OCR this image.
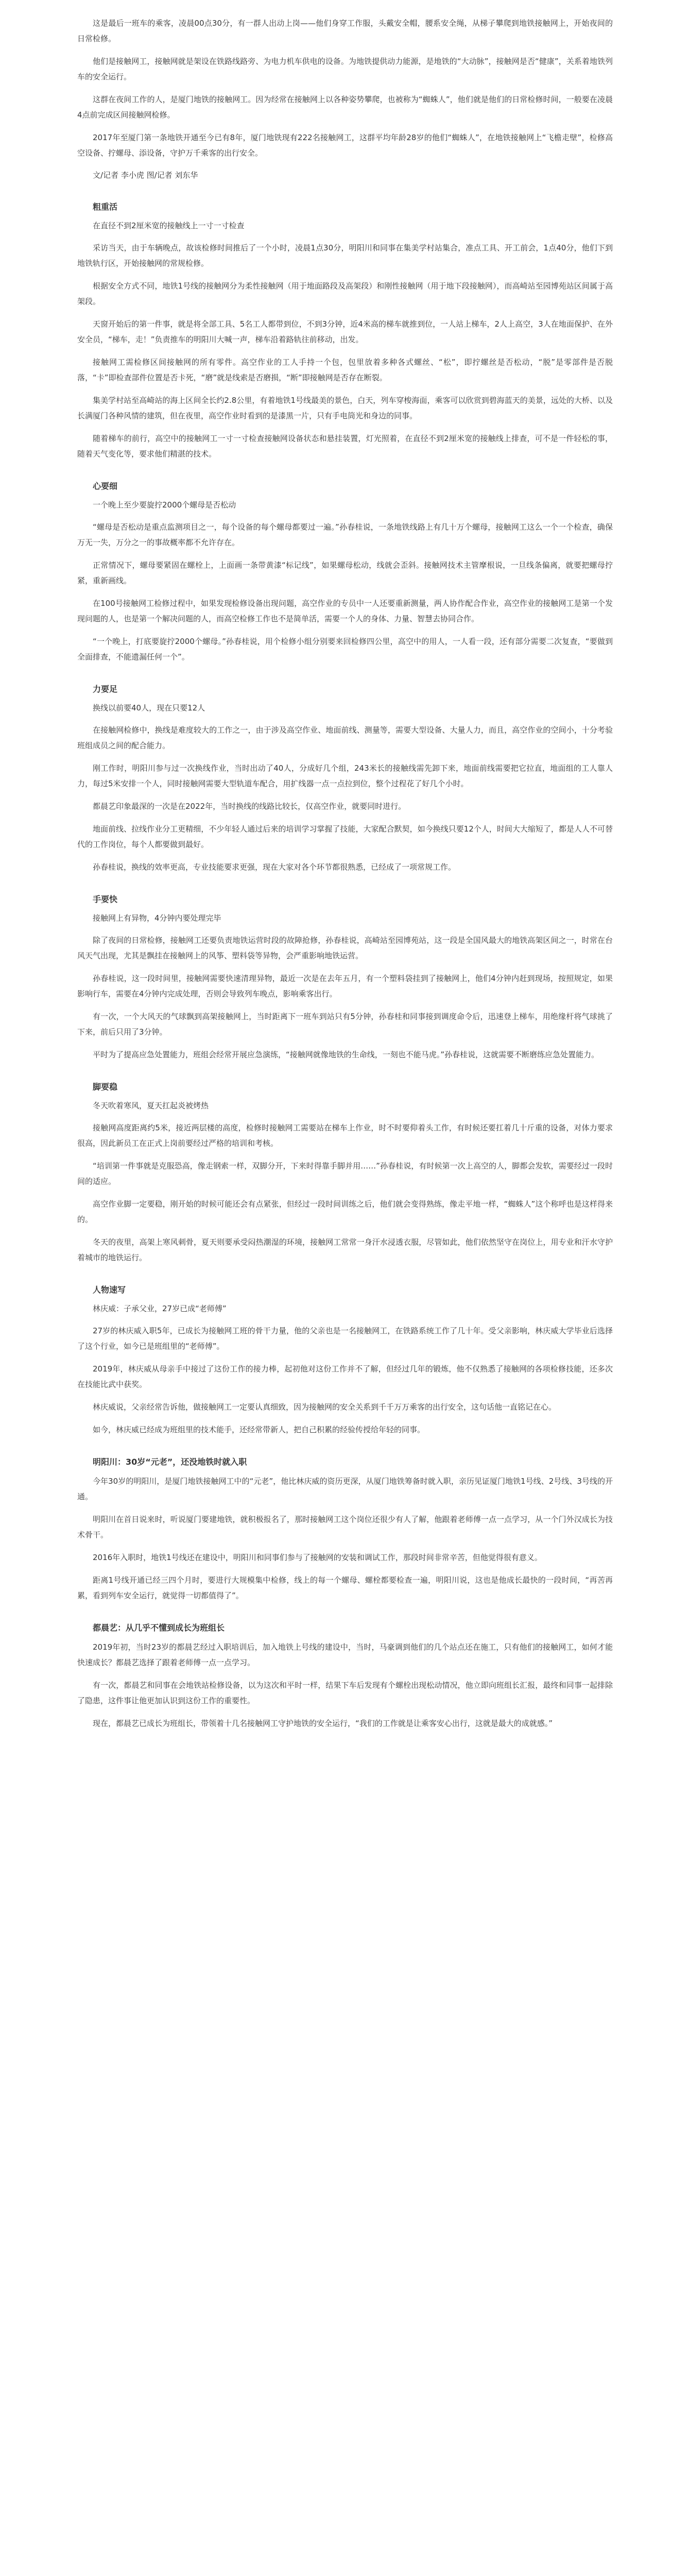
这是最后一班车的乘客，凌晨00点30分，有一群人出动上岗——他们身穿工作服，头戴安全帽，腰系安全绳，从梯子攀爬到地铁接触网上，开始夜间的日常检修。

他们是接触网工，接触网就是架设在铁路线路旁、为电力机车供电的设备。为地铁提供动力能源，是地铁的“大动脉”，接触网是否“健康”，关系着地铁列车的安全运行。

这群在夜间工作的人，是厦门地铁的接触网工。因为经常在接触网上以各种姿势攀爬，也被称为“蜘蛛人”，他们就是他们的日常检修时间，一般要在凌晨4点前完成区间接触网检修。

2017年至厦门第一条地铁开通至今已有8年，厦门地铁现有222名接触网工，这群平均年龄28岁的他们“蜘蛛人”，在地铁接触网上“飞檐走壁”，检修高空设备、拧螺母、添设备，守护万千乘客的出行安全。

文/记者 李小虎 图/记者 刘东华

粗重活

在直径不到2厘米宽的接触线上一寸一寸检查

采访当天，由于车辆晚点，故该检修时间推后了一个小时，凌晨1点30分，明阳川和同事在集美学村站集合，准点工具、开工前会，1点40分，他们下到地铁轨行区，开始接触网的常规检修。

根据安全方式不同，地铁1号线的接触网分为柔性接触网（用于地面路段及高架段）和刚性接触网（用于地下段接触网），而高崎站至园博苑站区间属于高架段。

天窗开始后的第一件事，就是将全部工具、5名工人都带到位，不到3分钟，近4米高的梯车就推到位，一人站上梯车，2人上高空，3人在地面保护、在外安全员，“梯车，走！”负责推车的明阳川大喊一声，梯车沿着路轨往前移动，出发。

接触网工需检修区间接触网的所有零件。高空作业的工人手持一个包，包里放着多种各式螺丝、“松”，即拧螺丝是否松动，“脱”是零部件是否脱落，“卡”即检查部件位置是否卡死，“磨”就是线索是否磨损，“断”即接触网是否存在断裂。

集美学村站至高崎站的海上区间全长约2.8公里，有着地铁1号线最美的景色，白天，列车穿梭海面，乘客可以欣赏到碧海蓝天的美景，远处的大桥、以及长满厦门各种风情的建筑，但在夜里，高空作业时看到的是漆黑一片，只有手电筒光和身边的同事。

随着梯车的前行，高空中的接触网工一寸一寸检查接触网设备状态和悬挂装置，灯光照着，在直径不到2厘米宽的接触线上排查，可不是一件轻松的事，随着天气变化等，要求他们精湛的技术。

心要细

一个晚上至少要旋拧2000个螺母是否松动

“螺母是否松动是重点监测项目之一，每个设备的每个螺母都要过一遍。”孙春桂说，一条地铁线路上有几十万个螺母，接触网工这么一个一个检查，确保万无一失，万分之一的事故概率都不允许存在。

正常情况下，螺母要紧固在螺栓上，上面画一条带黄漆“标记线”，如果螺母松动，线就会歪斜。接触网技术主管摩根说，一旦线条偏离，就要把螺母拧紧，重新画线。

在100号接触网工检修过程中，如果发现检修设备出现问题，高空作业的专员中一人还要重新测量，两人协作配合作业，高空作业的接触网工是第一个发现问题的人，也是第一个解决问题的人，而高空检修工作也不是简单活，需要一个人的身体、力量、智慧去协同合作。

“一个晚上，打底要旋拧2000个螺母。”孙春桂说，用个检修小组分别要来回检修四公里，高空中的用人，一人看一段，还有部分需要二次复查，“要做到全面排查，不能遗漏任何一个”。

力要足

换线以前要40人，现在只要12人

在接触网检修中，换线是难度较大的工作之一，由于涉及高空作业、地面前线、测量等，需要大型设备、大量人力，而且，高空作业的空间小，十分考验班组成员之间的配合能力。

刚工作时，明阳川参与过一次换线作业，当时出动了40人，分成好几个组，243米长的接触线需先卸下来，地面前线需要把它拉直，地面组的工人靠人力，每过5米安排一个人，同时接触网需要大型轨道车配合，用扩线器一点一点拉到位，整个过程花了好几个小时。

都晨艺印象最深的一次是在2022年，当时换线的线路比较长，仅高空作业，就要同时进行。

地面前线、拉线作业分工更精细，不少年轻人通过后来的培训学习掌握了技能，大家配合默契，如今换线只要12个人，时间大大缩短了，都是人人不可替代的工作岗位，每个人都要做到最好。

孙春桂说，换线的效率更高，专业技能要求更强，现在大家对各个环节都很熟悉，已经成了一项常规工作。

手要快

接触网上有异物，4分钟内要处理完毕

除了夜间的日常检修，接触网工还要负责地铁运营时段的故障抢修，孙春桂说，高崎站至园博苑站，这一段是全国风最大的地铁高架区间之一，时常在台风天气出现，尤其是飘挂在接触网上的风筝、塑料袋等异物，会严重影响地铁运营。

孙春桂说，这一段时间里，接触网需要快速清理异物，最近一次是在去年五月，有一个塑料袋挂到了接触网上，他们4分钟内赶到现场，按照规定，如果影响行车，需要在4分钟内完成处理，否则会导致列车晚点，影响乘客出行。

有一次，一个大风天的气球飘到高架接触网上，当时距离下一班车到站只有5分钟，孙春桂和同事接到调度命令后，迅速登上梯车，用绝缘杆将气球挑了下来，前后只用了3分钟。

平时为了提高应急处置能力，班组会经常开展应急演练，“接触网就像地铁的生命线，一刻也不能马虎。”孙春桂说，这就需要不断磨练应急处置能力。

脚要稳

冬天吹着寒风，夏天扛起炎被烤热

接触网高度距离约5米，接近两层楼的高度，检修时接触网工需要站在梯车上作业，时不时要仰着头工作，有时候还要扛着几十斤重的设备，对体力要求很高，因此新员工在正式上岗前要经过严格的培训和考核。

“培训第一件事就是克服恐高，像走钢索一样，双脚分开，下来时得靠手脚并用……”孙春桂说，有时候第一次上高空的人，脚都会发软，需要经过一段时间的适应。

高空作业脚一定要稳，刚开始的时候可能还会有点紧张，但经过一段时间训练之后，他们就会变得熟练，像走平地一样，“蜘蛛人”这个称呼也是这样得来的。

冬天的夜里，高架上寒风刺骨，夏天则要承受闷热潮湿的环境，接触网工常常一身汗水浸透衣服，尽管如此，他们依然坚守在岗位上，用专业和汗水守护着城市的地铁运行。

人物速写

林庆威：子承父业，27岁已成“老师傅”

27岁的林庆威入职5年，已成长为接触网工班的骨干力量，他的父亲也是一名接触网工，在铁路系统工作了几十年。受父亲影响，林庆威大学毕业后选择了这个行业，如今已是班组里的“老师傅”。

2019年，林庆威从母亲手中接过了这份工作的接力棒，起初他对这份工作并不了解，但经过几年的锻炼，他不仅熟悉了接触网的各项检修技能，还多次在技能比武中获奖。

林庆威说，父亲经常告诉他，做接触网工一定要认真细致，因为接触网的安全关系到千千万万乘客的出行安全，这句话他一直铭记在心。

如今，林庆威已经成为班组里的技术能手，还经常带新人，把自己积累的经验传授给年轻的同事。

明阳川：30岁“元老”，还没地铁时就入职

今年30岁的明阳川，是厦门地铁接触网工中的“元老”，他比林庆威的资历更深，从厦门地铁筹备时就入职，亲历见证厦门地铁1号线、2号线、3号线的开通。

明阳川在首日说来时，听说厦门要建地铁，就积极报名了，那时接触网工这个岗位还很少有人了解，他跟着老师傅一点一点学习，从一个门外汉成长为技术骨干。

2016年入职时，地铁1号线还在建设中，明阳川和同事们参与了接触网的安装和调试工作，那段时间非常辛苦，但他觉得很有意义。

距离1号线开通已经三四个月时，要进行大规模集中检修，线上的每一个螺母、螺栓都要检查一遍，明阳川说，这也是他成长最快的一段时间，“再苦再累，看到列车安全运行，就觉得一切都值得了”。

都晨艺：从几乎不懂到成长为班组长

2019年初，当时23岁的都晨艺经过入职培训后，加入地铁上号线的建设中，当时，马豪调到他们的几个站点还在施工，只有他们的接触网工，如何才能快速成长？都晨艺选择了跟着老师傅一点一点学习。

有一次，都晨艺和同事在会地铁站检修设备，以为这次和平时一样，结果下车后发现有个螺栓出现松动情况，他立即向班组长汇报，最终和同事一起排除了隐患，这件事让他更加认识到这份工作的重要性。

现在，都晨艺已成长为班组长，带领着十几名接触网工守护地铁的安全运行，“我们的工作就是让乘客安心出行，这就是最大的成就感。”
